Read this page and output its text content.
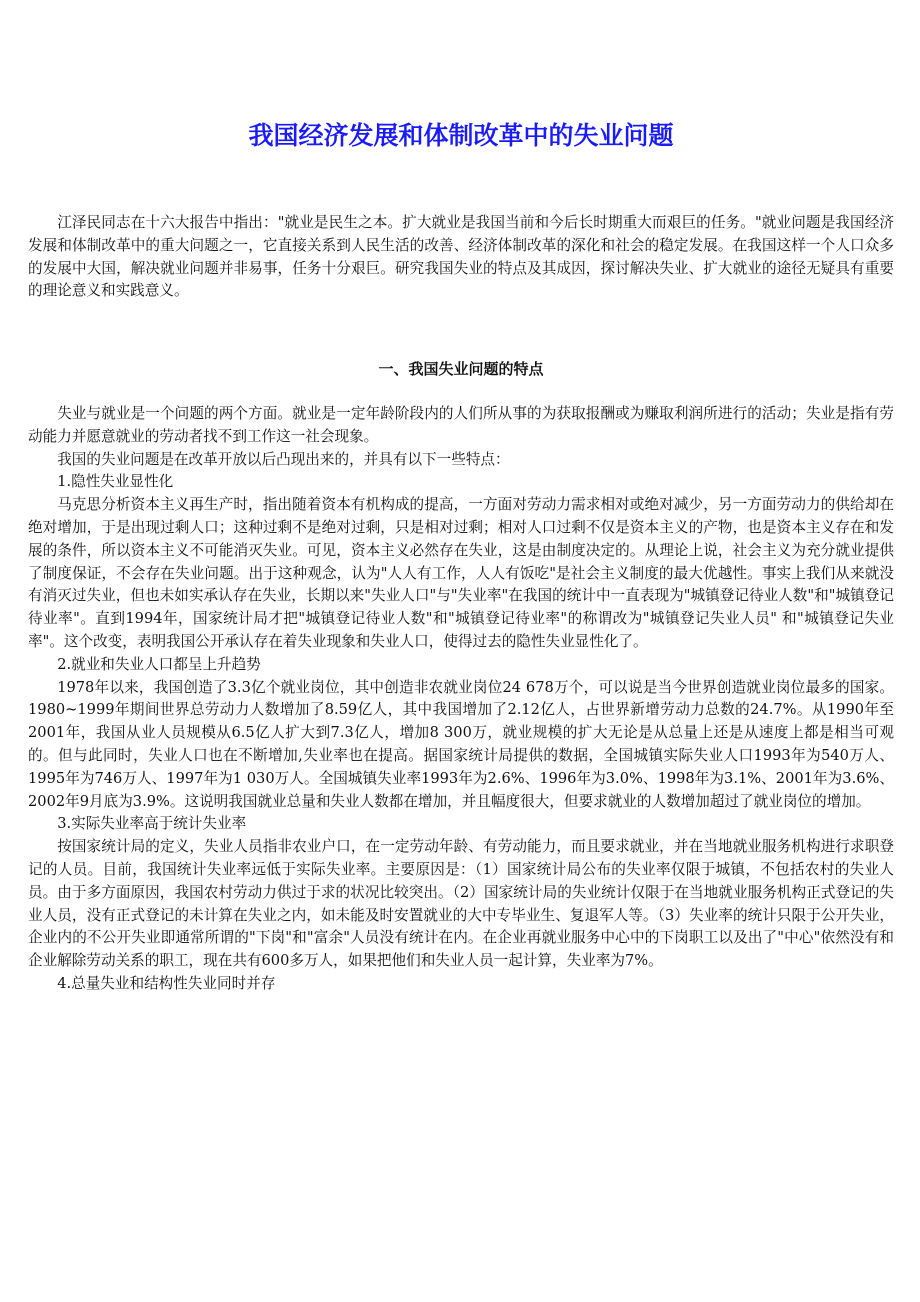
我国经济发展和体制改革中的失业问题

江泽民同志在十六大报告中指出："就业是民生之本。扩大就业是我国当前和今后长时期重大而艰巨的任务。"就业问题是我国经济发展和体制改革中的重大问题之一，它直接关系到人民生活的改善、经济体制改革的深化和社会的稳定发展。在我国这样一个人口众多的发展中大国，解决就业问题并非易事，任务十分艰巨。研究我国失业的特点及其成因，探讨解决失业、扩大就业的途径无疑具有重要的理论意义和实践意义。

一、我国失业问题的特点

失业与就业是一个问题的两个方面。就业是一定年龄阶段内的人们所从事的为获取报酬或为赚取利润所进行的活动；失业是指有劳动能力并愿意就业的劳动者找不到工作这一社会现象。

我国的失业问题是在改革开放以后凸现出来的，并具有以下一些特点：

1.隐性失业显性化

马克思分析资本主义再生产时，指出随着资本有机构成的提高，一方面对劳动力需求相对或绝对减少，另一方面劳动力的供给却在绝对增加，于是出现过剩人口；这种过剩不是绝对过剩，只是相对过剩；相对人口过剩不仅是资本主义的产物，也是资本主义存在和发展的条件，所以资本主义不可能消灭失业。可见，资本主义必然存在失业，这是由制度决定的。从理论上说，社会主义为充分就业提供了制度保证，不会存在失业问题。出于这种观念，认为"人人有工作，人人有饭吃"是社会主义制度的最大优越性。事实上我们从来就没有消灭过失业，但也未如实承认存在失业，长期以来"失业人口"与"失业率"在我国的统计中一直表现为"城镇登记待业人数"和"城镇登记待业率"。直到1994年，国家统计局才把"城镇登记待业人数"和"城镇登记待业率"的称谓改为"城镇登记失业人员" 和"城镇登记失业率"。这个改变，表明我国公开承认存在着失业现象和失业人口，使得过去的隐性失业显性化了。

2.就业和失业人口都呈上升趋势

1978年以来，我国创造了3.3亿个就业岗位，其中创造非农就业岗位24 678万个，可以说是当今世界创造就业岗位最多的国家。1980~1999年期间世界总劳动力人数增加了8.59亿人，其中我国增加了2.12亿人，占世界新增劳动力总数的24.7%。从1990年至2001年，我国从业人员规模从6.5亿人扩大到7.3亿人，增加8 300万，就业规模的扩大无论是从总量上还是从速度上都是相当可观的。但与此同时，失业人口也在不断增加,失业率也在提高。据国家统计局提供的数据，全国城镇实际失业人口1993年为540万人、1995年为746万人、1997年为1 030万人。全国城镇失业率1993年为2.6%、1996年为3.0%、1998年为3.1%、2001年为3.6%、2002年9月底为3.9%。这说明我国就业总量和失业人数都在增加，并且幅度很大，但要求就业的人数增加超过了就业岗位的增加。

3.实际失业率高于统计失业率

按国家统计局的定义，失业人员指非农业户口，在一定劳动年龄、有劳动能力，而且要求就业，并在当地就业服务机构进行求职登记的人员。目前，我国统计失业率远低于实际失业率。主要原因是：（1）国家统计局公布的失业率仅限于城镇，不包括农村的失业人员。由于多方面原因，我国农村劳动力供过于求的状况比较突出。（2）国家统计局的失业统计仅限于在当地就业服务机构正式登记的失业人员，没有正式登记的未计算在失业之内，如未能及时安置就业的大中专毕业生、复退军人等。（3）失业率的统计只限于公开失业，企业内的不公开失业即通常所谓的"下岗"和"富余"人员没有统计在内。在企业再就业服务中心中的下岗职工以及出了"中心"依然没有和企业解除劳动关系的职工，现在共有600多万人，如果把他们和失业人员一起计算，失业率为7%。

4.总量失业和结构性失业同时并存
